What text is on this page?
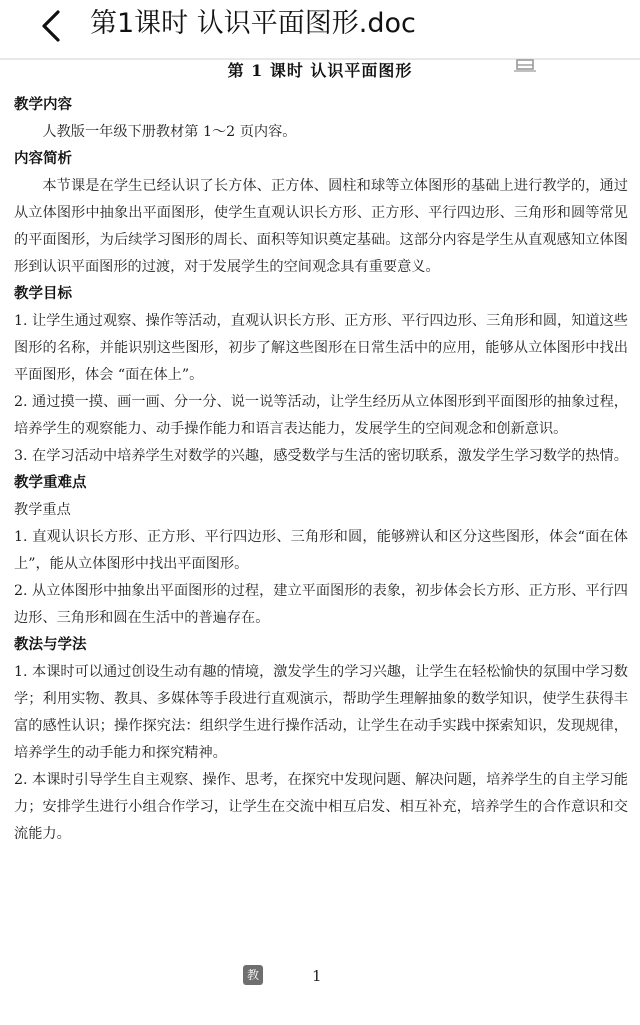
第1课时 认识平面图形.doc
第 1 课时 认识平面图形

教学内容

人教版一年级下册教材第 1～2 页内容。

内容简析

本节课是在学生已经认识了长方体、正方体、圆柱和球等立体图形的基础上进行教学的，通过从立体图形中抽象出平面图形，使学生直观认识长方形、正方形、平行四边形、三角形和圆等常见的平面图形，为后续学习图形的周长、面积等知识奠定基础。这部分内容是学生从直观感知立体图形到认识平面图形的过渡，对于发展学生的空间观念具有重要意义。

教学目标

1. 让学生通过观察、操作等活动，直观认识长方形、正方形、平行四边形、三角形和圆，知道这些图形的名称，并能识别这些图形，初步了解这些图形在日常生活中的应用，能够从立体图形中找出平面图形，体会 “面在体上”。

2. 通过摸一摸、画一画、分一分、说一说等活动，让学生经历从立体图形到平面图形的抽象过程，培养学生的观察能力、动手操作能力和语言表达能力，发展学生的空间观念和创新意识。

3. 在学习活动中培养学生对数学的兴趣，感受数学与生活的密切联系，激发学生学习数学的热情。

教学重难点

教学重点

1. 直观认识长方形、正方形、平行四边形、三角形和圆，能够辨认和区分这些图形，体会“面在体上”，能从立体图形中找出平面图形。

2. 从立体图形中抽象出平面图形的过程，建立平面图形的表象，初步体会长方形、正方形、平行四边形、三角形和圆在生活中的普遍存在。

教法与学法

1. 本课时可以通过创设生动有趣的情境，激发学生的学习兴趣，让学生在轻松愉快的氛围中学习数学；利用实物、教具、多媒体等手段进行直观演示，帮助学生理解抽象的数学知识，使学生获得丰富的感性认识；操作探究法：组织学生进行操作活动，让学生在动手实践中探索知识，发现规律，培养学生的动手能力和探究精神。

2. 本课时引导学生自主观察、操作、思考，在探究中发现问题、解决问题，培养学生的自主学习能力；安排学生进行小组合作学习，让学生在交流中相互启发、相互补充，培养学生的合作意识和交流能力。

教	1
